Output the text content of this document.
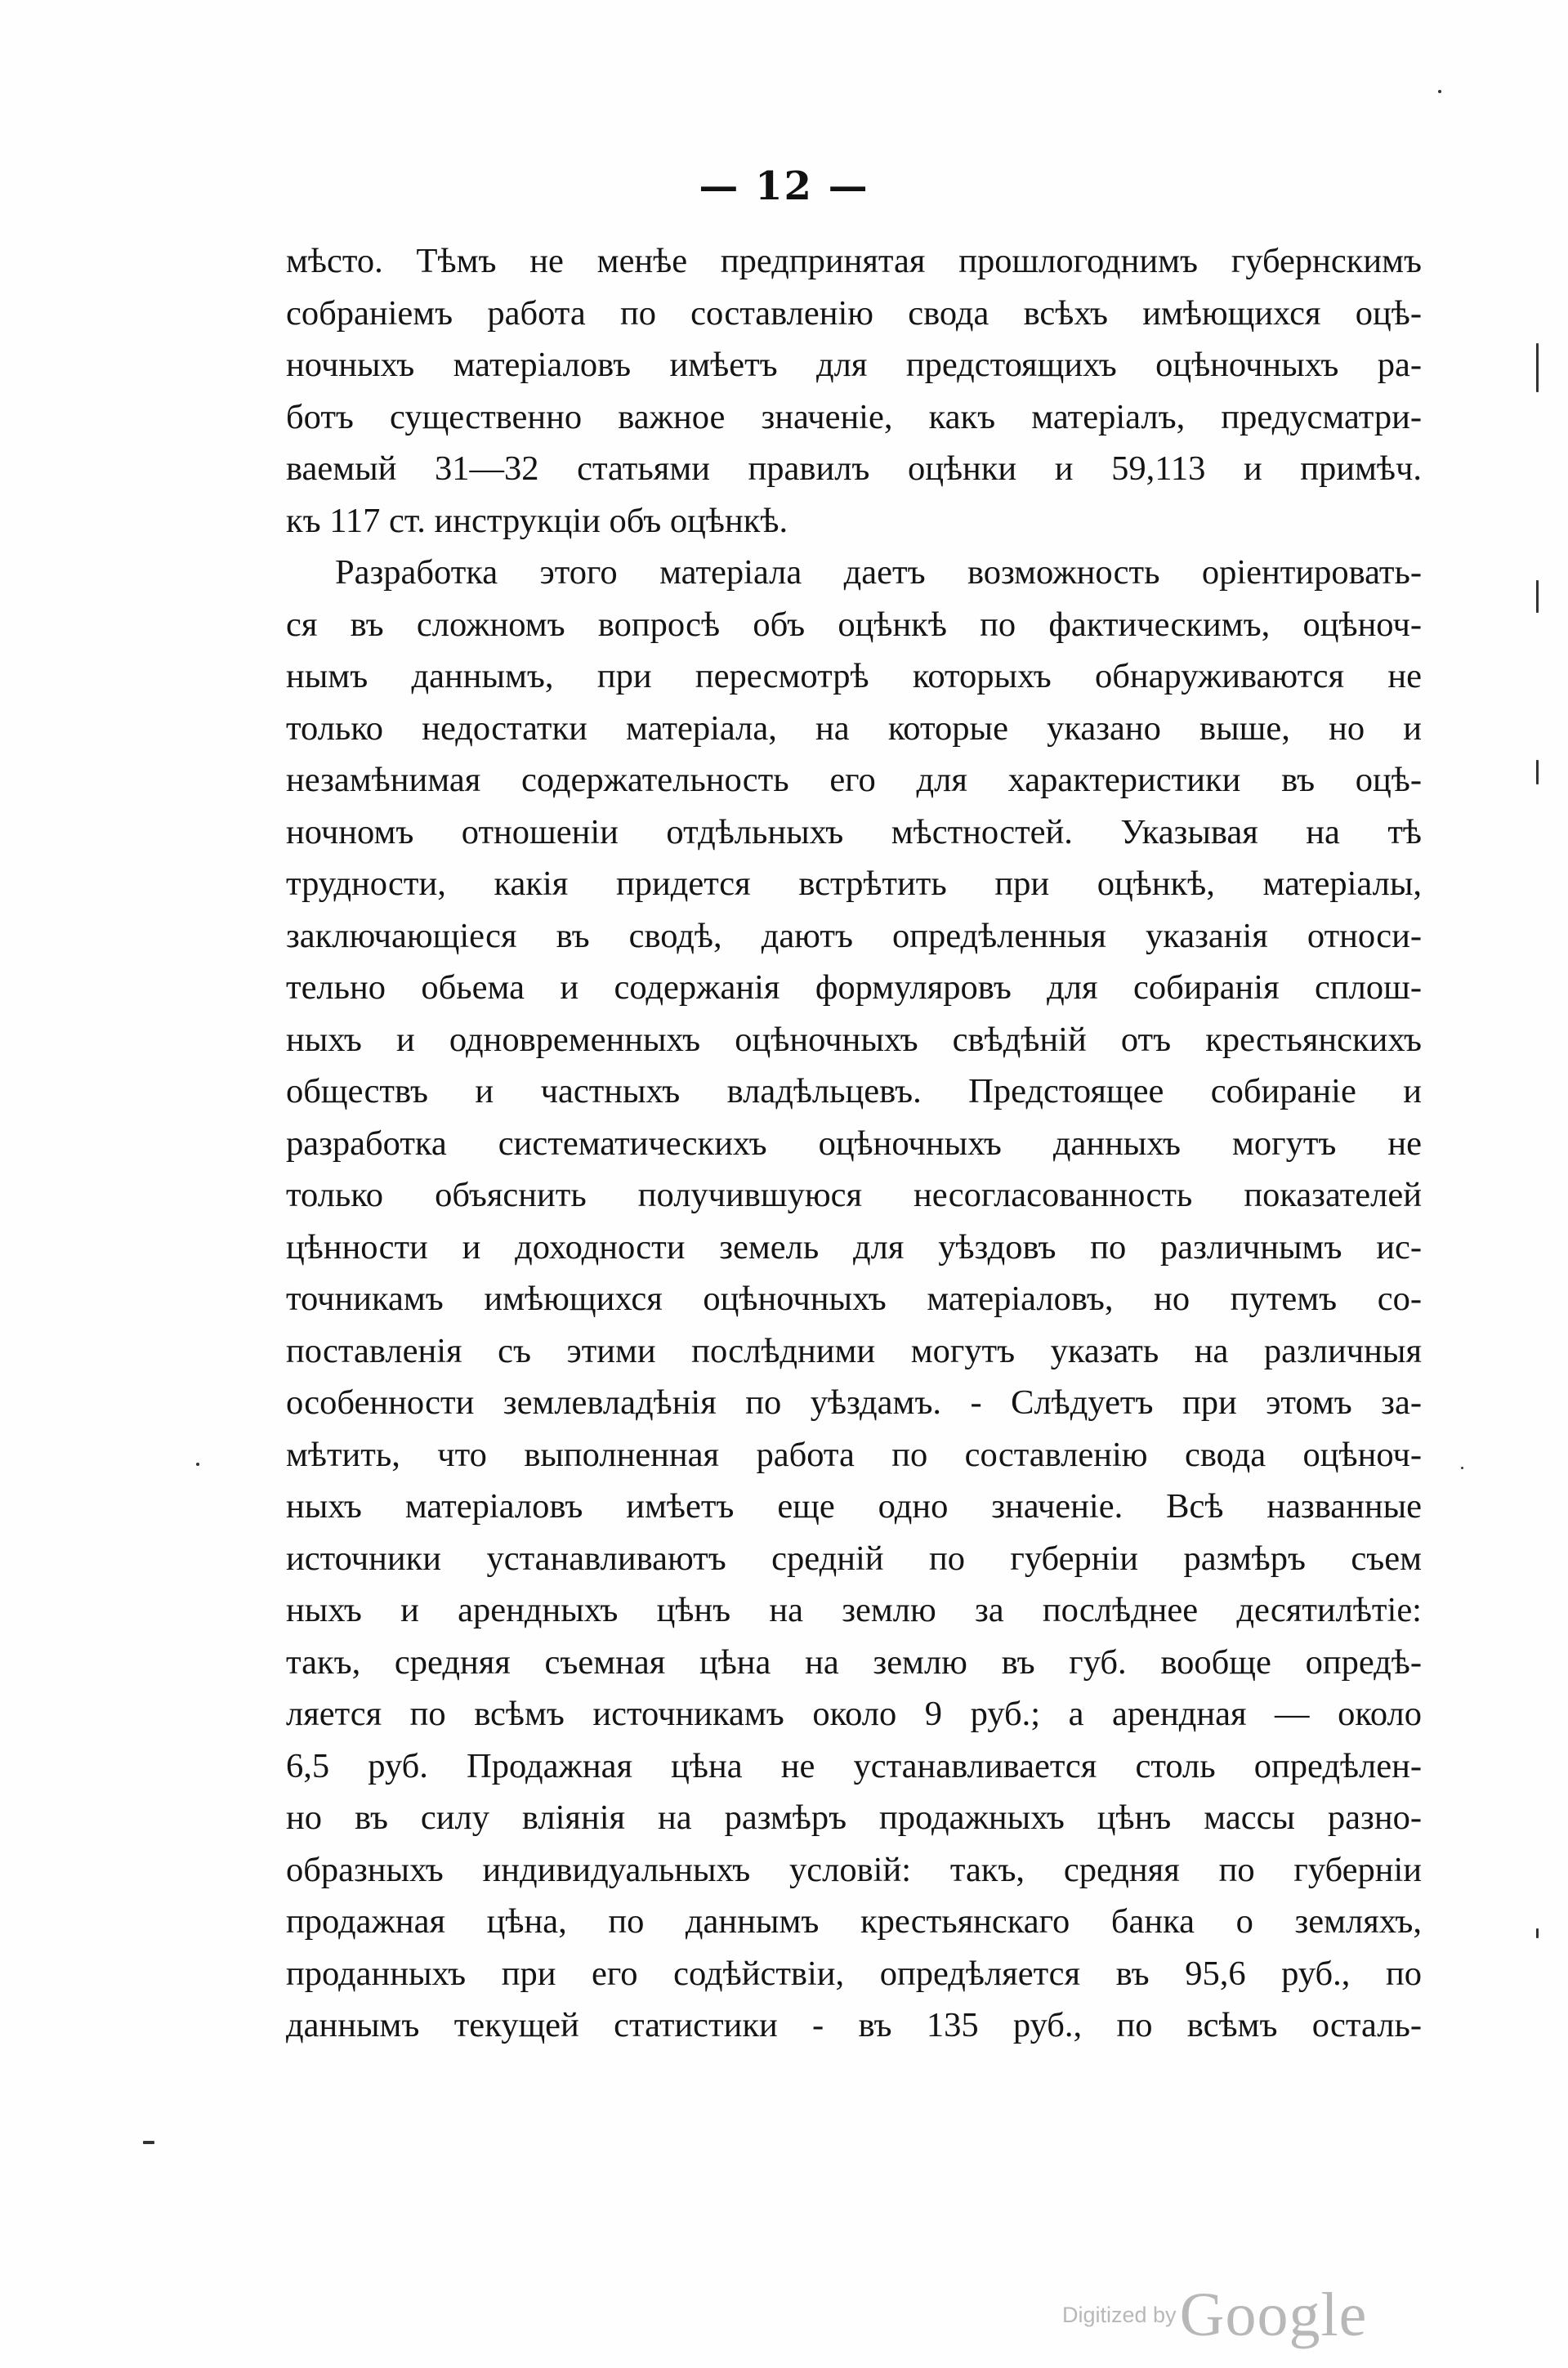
— 12 —
мѣсто. Тѣмъ не менѣе предпринятая прошлогоднимъ губернскимъ
собраніемъ работа по составленію свода всѣхъ имѣющихся оцѣ-
ночныхъ матеріаловъ имѣетъ для предстоящихъ оцѣночныхъ ра-
ботъ существенно важное значеніе, какъ матеріалъ, предусматри-
ваемый 31—32 статьями правилъ оцѣнки и 59,113 и примѣч.
къ 117 ст. инструкціи объ оцѣнкѣ.
Разработка этого матеріала даетъ возможность оріентировать-
ся въ сложномъ вопросѣ объ оцѣнкѣ по фактическимъ, оцѣноч-
нымъ даннымъ, при пересмотрѣ которыхъ обнаруживаются не
только недостатки матеріала, на которые указано выше, но и
незамѣнимая содержательность его для характеристики въ оцѣ-
ночномъ отношеніи отдѣльныхъ мѣстностей. Указывая на тѣ
трудности, какія придется встрѣтить при оцѣнкѣ, матеріалы,
заключающіеся въ сводѣ, даютъ опредѣленныя указанія относи-
тельно обьема и содержанія формуляровъ для собиранія сплош-
ныхъ и одновременныхъ оцѣночныхъ свѣдѣній отъ крестьянскихъ
обществъ и частныхъ владѣльцевъ. Предстоящее собираніе и
разработка систематическихъ оцѣночныхъ данныхъ могутъ не
только объяснить получившуюся несогласованность показателей
цѣнности и доходности земель для уѣздовъ по различнымъ ис-
точникамъ имѣющихся оцѣночныхъ матеріаловъ, но путемъ со-
поставленія съ этими послѣдними могутъ указать на различныя
особенности землевладѣнія по уѣздамъ. - Слѣдуетъ при этомъ за-
мѣтить, что выполненная работа по составленію свода оцѣноч-
ныхъ матеріаловъ имѣетъ еще одно значеніе. Всѣ названные
источники устанавливаютъ средній по губерніи размѣръ съем
ныхъ и арендныхъ цѣнъ на землю за послѣднее десятилѣтіе:
такъ, средняя съемная цѣна на землю въ губ. вообще опредѣ-
ляется по всѣмъ источникамъ около 9 руб.; а арендная — около
6,5 руб. Продажная цѣна не устанавливается столь опредѣлен-
но въ силу вліянія на размѣръ продажныхъ цѣнъ массы разно-
образныхъ индивидуальныхъ условій: такъ, средняя по губерніи
продажная цѣна, по даннымъ крестьянскаго банка о земляхъ,
проданныхъ при его содѣйствіи, опредѣляется въ 95,6 руб., по
даннымъ текущей статистики - въ 135 руб., по всѣмъ осталь-
Digitized by Google
